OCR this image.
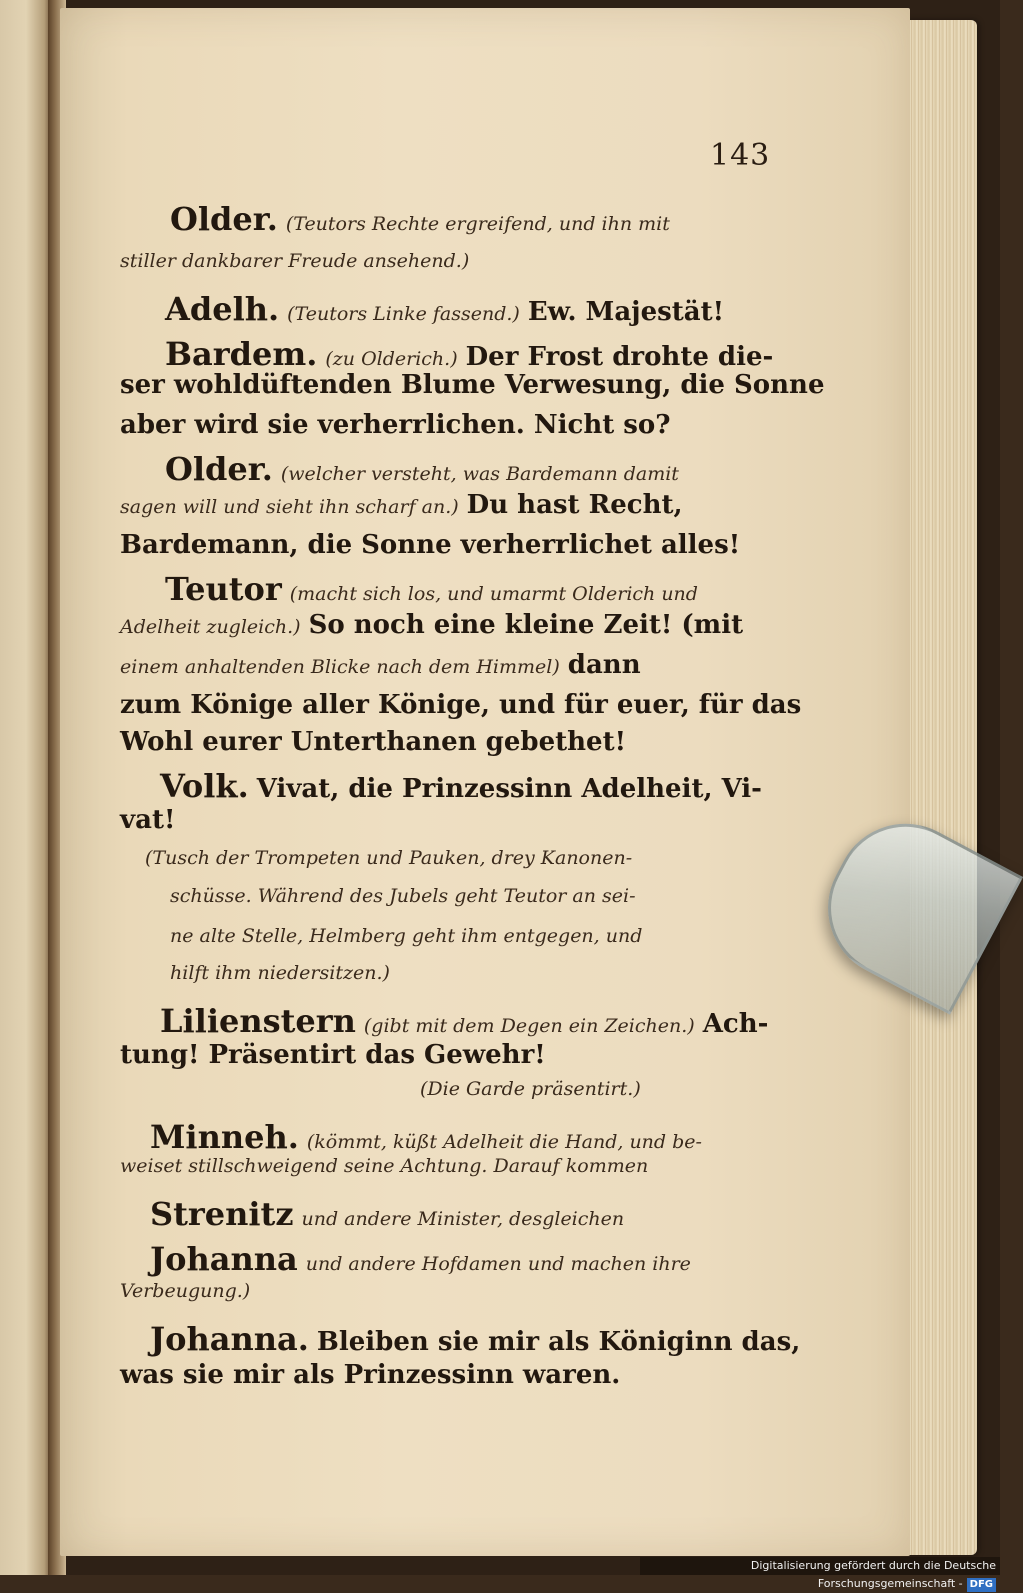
143
Older. (Teutors Rechte ergreifend, und ihn mit
stiller dankbarer Freude ansehend.)
Adelh. (Teutors Linke fassend.) Ew. Majestät!
Bardem. (zu Olderich.) Der Frost drohte die-
ser wohldüftenden Blume Verwesung, die Sonne
aber wird sie verherrlichen. Nicht so?
Older. (welcher versteht, was Bardemann damit
sagen will und sieht ihn scharf an.) Du hast Recht,
Bardemann, die Sonne verherrlichet alles!
Teutor (macht sich los, und umarmt Olderich und
Adelheit zugleich.) So noch eine kleine Zeit! (mit
einem anhaltenden Blicke nach dem Himmel) dann
zum Könige aller Könige, und für euer, für das
Wohl eurer Unterthanen gebethet!
Volk. Vivat, die Prinzessinn Adelheit, Vi-
vat!
(Tusch der Trompeten und Pauken, drey Kanonen-
schüsse. Während des Jubels geht Teutor an sei-
ne alte Stelle, Helmberg geht ihm entgegen, und
hilft ihm niedersitzen.)
Lilienstern (gibt mit dem Degen ein Zeichen.) Ach-
tung! Präsentirt das Gewehr!
(Die Garde präsentirt.)
Minneh. (kömmt, küßt Adelheit die Hand, und be-
weiset stillschweigend seine Achtung. Darauf kommen
Strenitz und andere Minister, desgleichen
Johanna und andere Hofdamen und machen ihre
Verbeugung.)
Johanna. Bleiben sie mir als Königinn das,
was sie mir als Prinzessinn waren.
Digitalisierung gefördert durch die Deutsche Forschungsgemeinschaft - DFG
